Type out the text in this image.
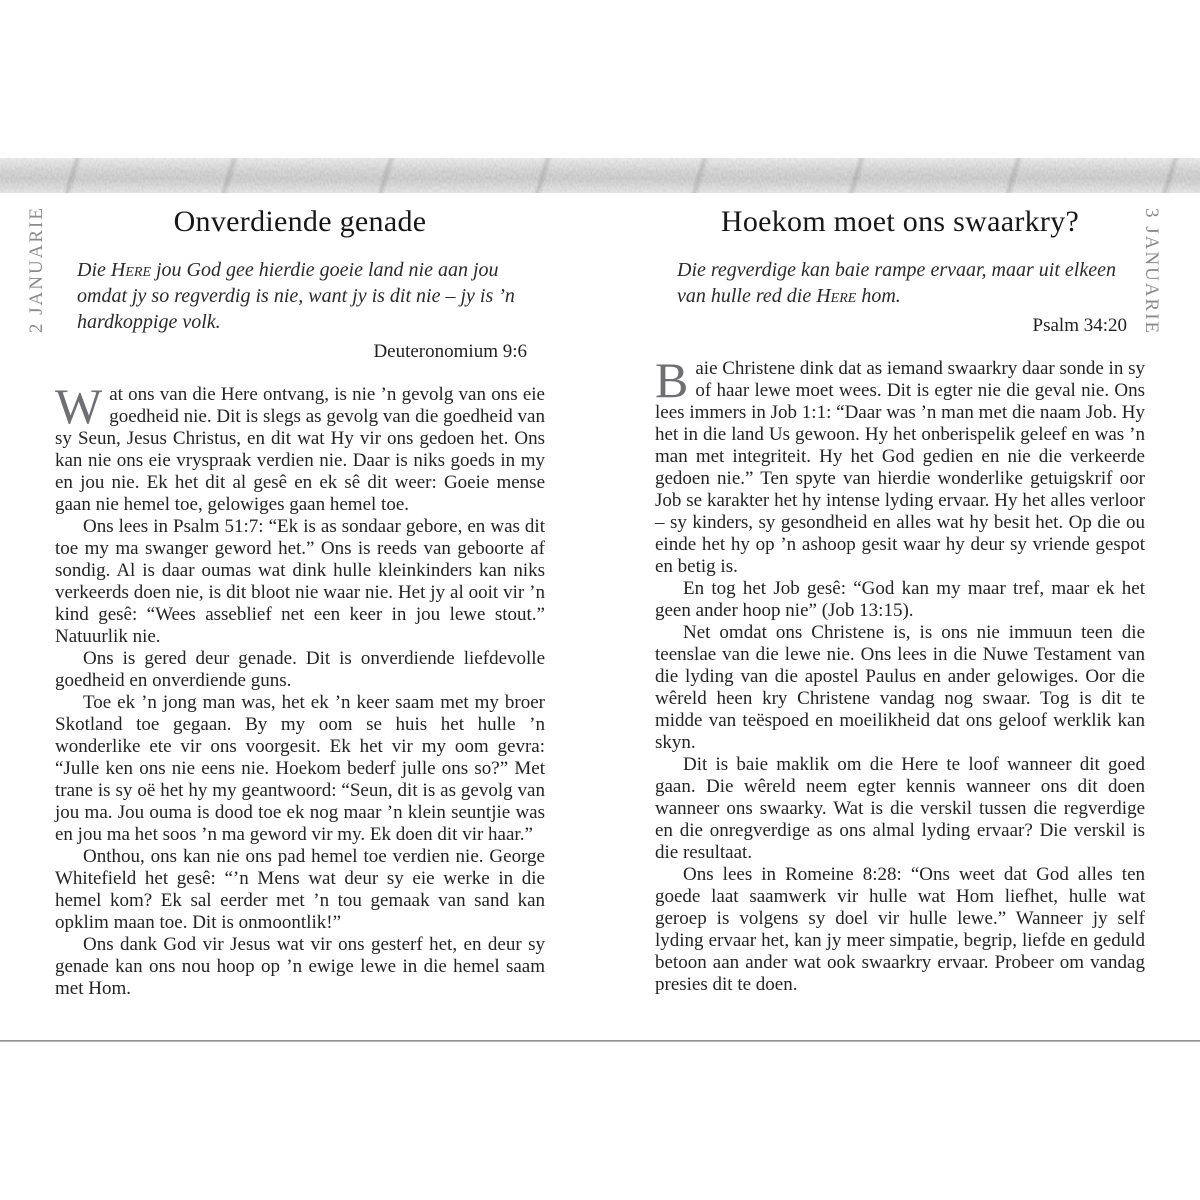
2 JANUARIE	3 JANUARIE
Onverdiende genade
Die Here jou God gee hierdie goeie land nie aan jou omdat jy so regverdig is nie, want jy is dit nie – jy is ’n hardkoppige volk.
Deuteronomium 9:6

Wat ons van die Here ontvang, is nie ’n gevolg van ons eie goedheid nie. Dit is slegs as gevolg van die goedheid van sy Seun, Jesus Christus, en dit wat Hy vir ons gedoen het. Ons kan nie ons eie vryspraak verdien nie. Daar is niks goeds in my en jou nie. Ek het dit al gesê en ek sê dit weer: Goeie mense gaan nie hemel toe, gelowiges gaan hemel toe.

Ons lees in Psalm 51:7: “Ek is as sondaar gebore, en was dit toe my ma swanger geword het.” Ons is reeds van geboorte af sondig. Al is daar oumas wat dink hulle kleinkinders kan niks verkeerds doen nie, is dit bloot nie waar nie. Het jy al ooit vir ’n kind gesê: “Wees asseblief net een keer in jou lewe stout.” Natuurlik nie.

Ons is gered deur genade. Dit is onverdiende liefdevolle goedheid en onverdiende guns.

Toe ek ’n jong man was, het ek ’n keer saam met my broer Skotland toe gegaan. By my oom se huis het hulle ’n wonderlike ete vir ons voorgesit. Ek het vir my oom gevra: “Julle ken ons nie eens nie. Hoekom bederf julle ons so?” Met trane is sy oë het hy my geantwoord: “Seun, dit is as gevolg van jou ma. Jou ouma is dood toe ek nog maar ’n klein seuntjie was en jou ma het soos ’n ma geword vir my. Ek doen dit vir haar.”

Onthou, ons kan nie ons pad hemel toe verdien nie. George Whitefield het gesê: “’n Mens wat deur sy eie werke in die hemel kom? Ek sal eerder met ’n tou gemaak van sand kan opklim maan toe. Dit is onmoontlik!”

Ons dank God vir Jesus wat vir ons gesterf het, en deur sy genade kan ons nou hoop op ’n ewige lewe in die hemel saam met Hom.

Hoekom moet ons swaarkry?
Die regverdige kan baie rampe ervaar, maar uit elkeen van hulle red die Here hom.
Psalm 34:20

Baie Christene dink dat as iemand swaarkry daar sonde in sy of haar lewe moet wees. Dit is egter nie die geval nie. Ons lees immers in Job 1:1: “Daar was ’n man met die naam Job. Hy het in die land Us gewoon. Hy het onberispelik geleef en was ’n man met integriteit. Hy het God gedien en nie die verkeerde gedoen nie.” Ten spyte van hierdie wonderlike getuigskrif oor Job se karakter het hy intense lyding ervaar. Hy het alles verloor – sy kinders, sy gesondheid en alles wat hy besit het. Op die ou einde het hy op ’n ashoop gesit waar hy deur sy vriende gespot en betig is.

En tog het Job gesê: “God kan my maar tref, maar ek het geen ander hoop nie” (Job 13:15).

Net omdat ons Christene is, is ons nie immuun teen die teenslae van die lewe nie. Ons lees in die Nuwe Testament van die lyding van die apostel Paulus en ander gelowiges. Oor die wêreld heen kry Christene vandag nog swaar. Tog is dit te midde van teëspoed en moeilikheid dat ons geloof werklik kan skyn.

Dit is baie maklik om die Here te loof wanneer dit goed gaan. Die wêreld neem egter kennis wanneer ons dit doen wanneer ons swaarky. Wat is die verskil tussen die regverdige en die onregverdige as ons almal lyding ervaar? Die verskil is die resultaat.

Ons lees in Romeine 8:28: “Ons weet dat God alles ten goede laat saamwerk vir hulle wat Hom liefhet, hulle wat geroep is volgens sy doel vir hulle lewe.” Wanneer jy self lyding ervaar het, kan jy meer simpatie, begrip, liefde en geduld betoon aan ander wat ook swaarkry ervaar. Probeer om vandag presies dit te doen.
